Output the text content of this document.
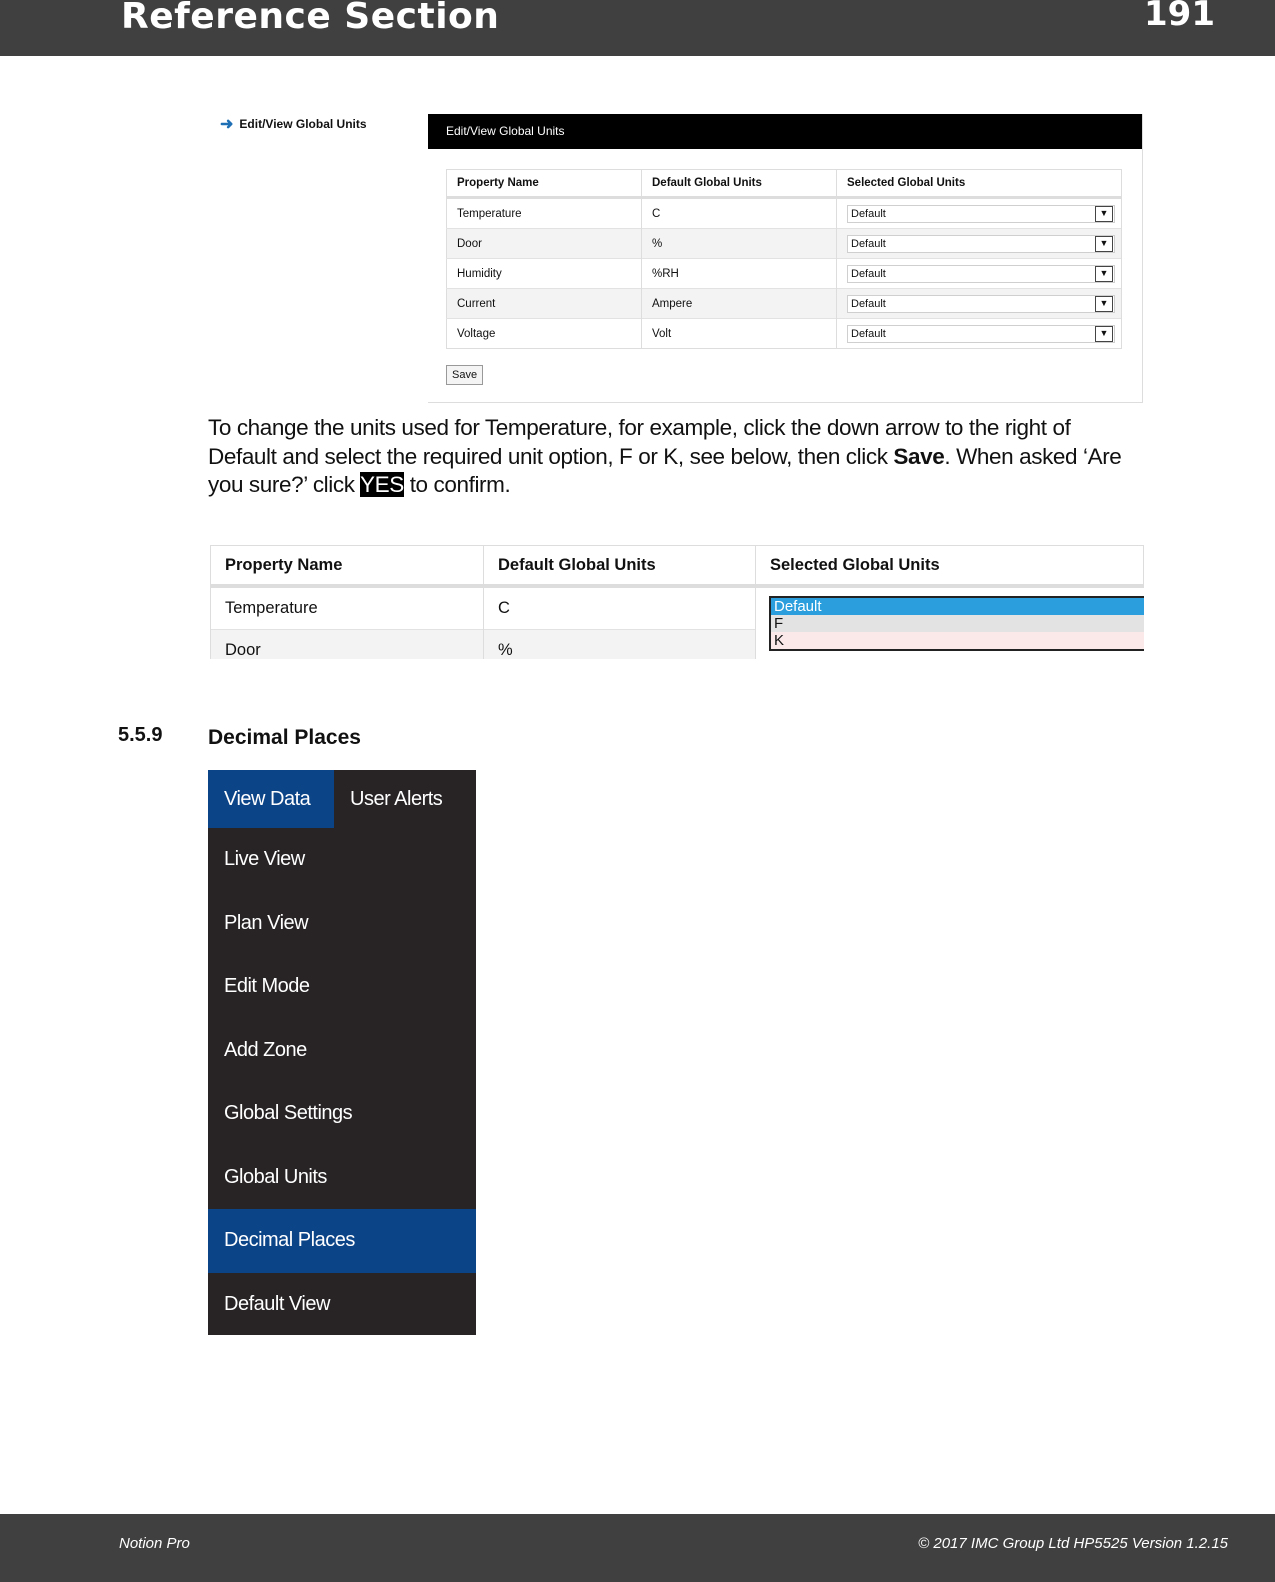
Reference Section	191
➜ Edit/View Global Units	Edit/View Global Units
Property Name	Default Global Units	Selected Global Units
Temperature	C	Default ▼

Door	%	Default ▼

Humidity	%RH	Default ▼

Current	Ampere	Default ▼

Voltage	Volt	Default ▼
Save
To change the units used for Temperature, for example, click the down arrow to the right of Default and select the required unit option, F or K, see below, then click Save. When asked ‘Are you sure?’ click YES to confirm.
Property Name	Default Global Units	Selected Global Units
Temperature	C	Default
F
K

Door	%	
5.5.9 Decimal Places
View Data	User Alerts
Live View
Plan View
Edit Mode
Add Zone
Global Settings
Global Units
Decimal Places
Default View
Notion Pro	© 2017 IMC Group Ltd HP5525 Version 1.2.15
